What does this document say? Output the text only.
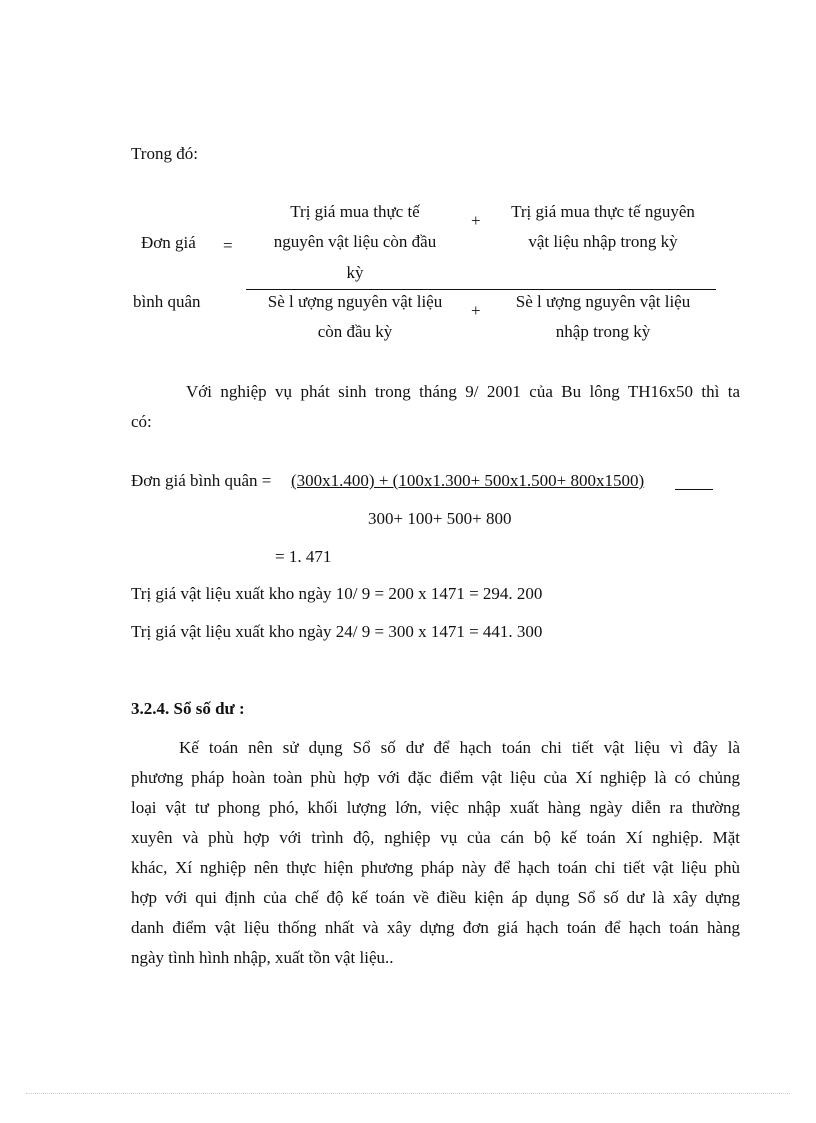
Trong đó:
Đơn giá
bình quân
=
Trị giá mua thực tế
nguyên vật liệu còn đầu
kỳ
+	Trị giá mua thực tế nguyên
vật liệu nhập trong kỳ
Sè l ượng nguyên vật liệu
còn đầu kỳ
+	Sè l ượng nguyên vật liệu
nhập trong kỳ
Với nghiệp vụ phát sinh trong tháng 9/ 2001 của Bu lông TH16x50 thì ta
có:
Đơn giá bình quân = (300x1.400) + (100x1.300+ 500x1.500+ 800x1500)
300+ 100+ 500+ 800
= 1. 471
Trị giá vật liệu xuất kho ngày 10/ 9 = 200 x 1471 = 294. 200
Trị giá vật liệu xuất kho ngày 24/ 9 = 300 x 1471 = 441. 300
3.2.4. Sổ số dư :
Kế toán nên sử dụng Sổ số dư để hạch toán chi tiết vật liệu vì đây là
phương pháp hoàn toàn phù hợp với đặc điểm vật liệu của Xí nghiệp là có chủng
loại vật tư phong phó, khối lượng lớn, việc nhập xuất hàng ngày diễn ra thường
xuyên và phù hợp với trình độ, nghiệp vụ của cán bộ kế toán Xí nghiệp. Mặt
khác, Xí nghiệp nên thực hiện phương pháp này để hạch toán chi tiết vật liệu phù
hợp với qui định của chế độ kế toán về điều kiện áp dụng Sổ số dư là xây dựng
danh điểm vật liệu thống nhất và xây dựng đơn giá hạch toán để hạch toán hàng
ngày tình hình nhập, xuất tồn vật liệu..
